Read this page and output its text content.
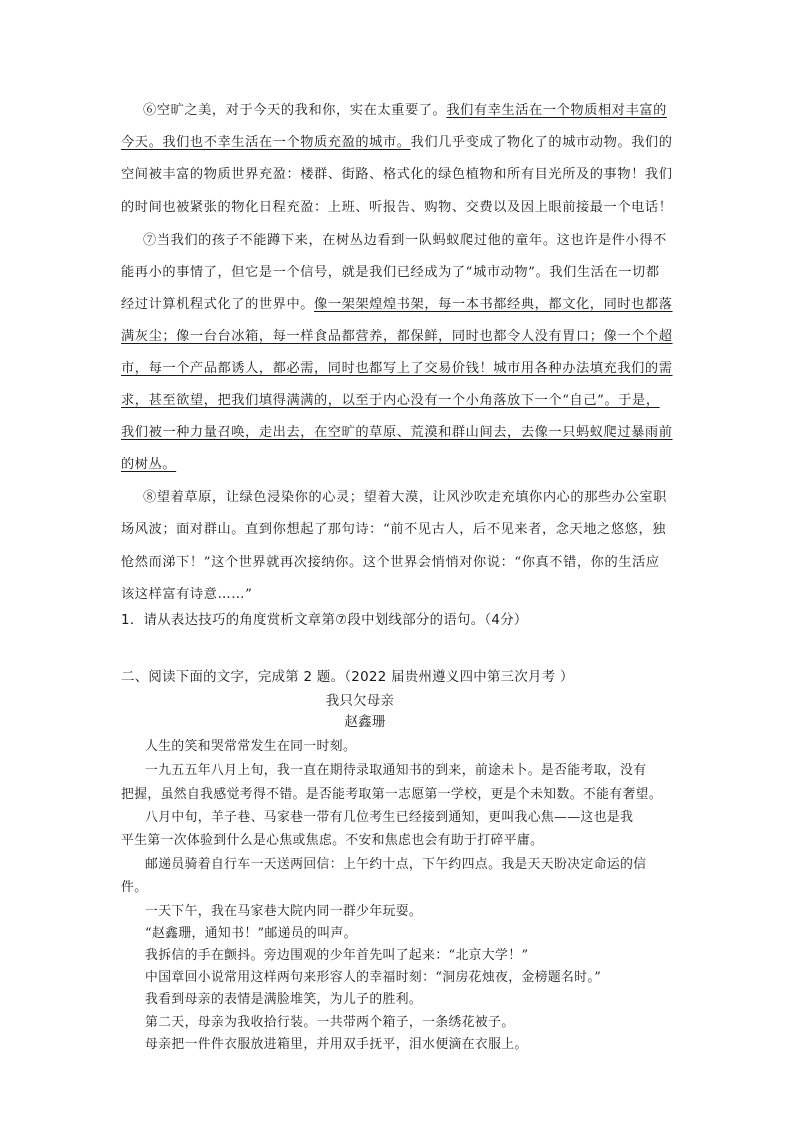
⑥空旷之美，对于今天的我和你，实在太重要了。我们有幸生活在一个物质相对丰富的
今天。我们也不幸生活在一个物质充盈的城市。我们几乎变成了物化了的城市动物。我们的
空间被丰富的物质世界充盈：楼群、街路、格式化的绿色植物和所有目光所及的事物！我们
的时间也被紧张的物化日程充盈：上班、听报告、购物、交费以及因上眼前接最一个电话！
⑦当我们的孩子不能蹲下来，在树丛边看到一队蚂蚁爬过他的童年。这也许是件小得不
能再小的事情了，但它是一个信号，就是我们已经成为了“城市动物”。我们生活在一切都
经过计算机程式化了的世界中。像一架架煌煌书架，每一本书都经典，都文化，同时也都落
满灰尘；像一台台冰箱，每一样食品都营养，都保鲜，同时也都令人没有胃口；像一个个超
市，每一个产品都诱人，都必需，同时也都写上了交易价钱！城市用各种办法填充我们的需
求，甚至欲望，把我们填得满满的，以至于内心没有一个小角落放下一个“自己”。于是，
我们被一种力量召唤，走出去，在空旷的草原、荒漠和群山间去，去像一只蚂蚁爬过暴雨前
的树丛。
⑧望着草原，让绿色浸染你的心灵；望着大漠，让风沙吹走充填你内心的那些办公室职
场风波；面对群山。直到你想起了那句诗：“前不见古人，后不见来者，念天地之悠悠，独
怆然而涕下！”这个世界就再次接纳你。这个世界会悄悄对你说：“你真不错，你的生活应
该这样富有诗意……”
1．请从表达技巧的角度赏析文章第⑦段中划线部分的语句。（4分）
二、阅读下面的文字，完成第 2 题。（2022 届贵州遵义四中第三次月考 ）
我只欠母亲
赵鑫珊
人生的笑和哭常常发生在同一时刻。
一九五五年八月上旬，我一直在期待录取通知书的到来，前途未卜。是否能考取，没有
把握，虽然自我感觉考得不错。是否能考取第一志愿第一学校，更是个未知数。不能有奢望。
八月中旬，羊子巷、马家巷一带有几位考生已经接到通知，更叫我心焦——这也是我
平生第一次体验到什么是心焦或焦虑。不安和焦虑也会有助于打碎平庸。
邮递员骑着自行车一天送两回信：上午约十点，下午约四点。我是天天盼决定命运的信
件。
一天下午，我在马家巷大院内同一群少年玩耍。
“赵鑫珊，通知书！”邮递员的叫声。
我拆信的手在颤抖。旁边围观的少年首先叫了起来：“北京大学！”
中国章回小说常用这样两句来形容人的幸福时刻：“洞房花烛夜，金榜题名时。”
我看到母亲的表情是满脸堆笑，为儿子的胜利。
第二天，母亲为我收拾行装。一共带两个箱子，一条绣花被子。
母亲把一件件衣服放进箱里，并用双手抚平，泪水便滴在衣服上。
